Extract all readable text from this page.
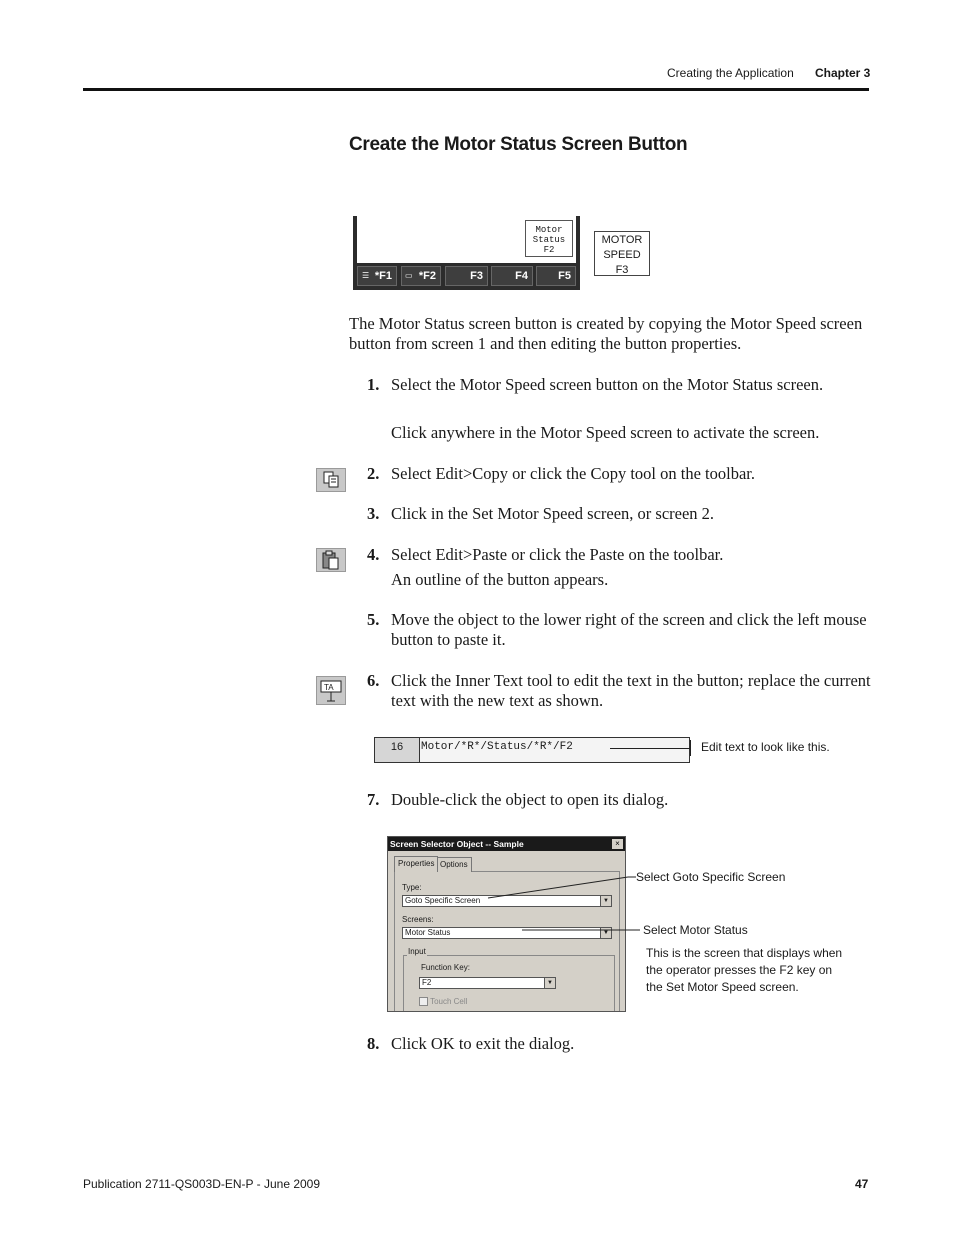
Creating the Application Chapter 3
Create the Motor Status Screen Button
Motor
Status
F2
☰ *F1	▭ *F2	F3	F4	F5
MOTOR
SPEED
F3
The Motor Status screen button is created by copying the Motor Speed screen button from screen 1 and then editing the button properties.
1. Select the Motor Speed screen button on the Motor Status screen.
Click anywhere in the Motor Speed screen to activate the screen.
2. Select Edit>Copy or click the Copy tool on the toolbar.
3. Click in the Set Motor Speed screen, or screen 2.
4. Select Edit>Paste or click the Paste on the toolbar.
An outline of the button appears.
5. Move the object to the lower right of the screen and click the left mouse button to paste it.
TA 6. Click the Inner Text tool to edit the text in the button; replace the current text with the new text as shown.
16	Motor/*R*/Status/*R*/F2	Edit text to look like this.
7. Double-click the object to open its dialog.
Screen Selector Object -- Sample	×
Properties Options
Type:
Goto Specific Screen	▼
Screens:
Motor Status	▼
Input
Function Key:
F2	▼
Touch Cell
Select Goto Specific Screen
Select Motor Status
This is the screen that displays when the operator presses the F2 key on the Set Motor Speed screen.
8. Click OK to exit the dialog.
Publication 2711-QS003D-EN-P - June 2009	47
